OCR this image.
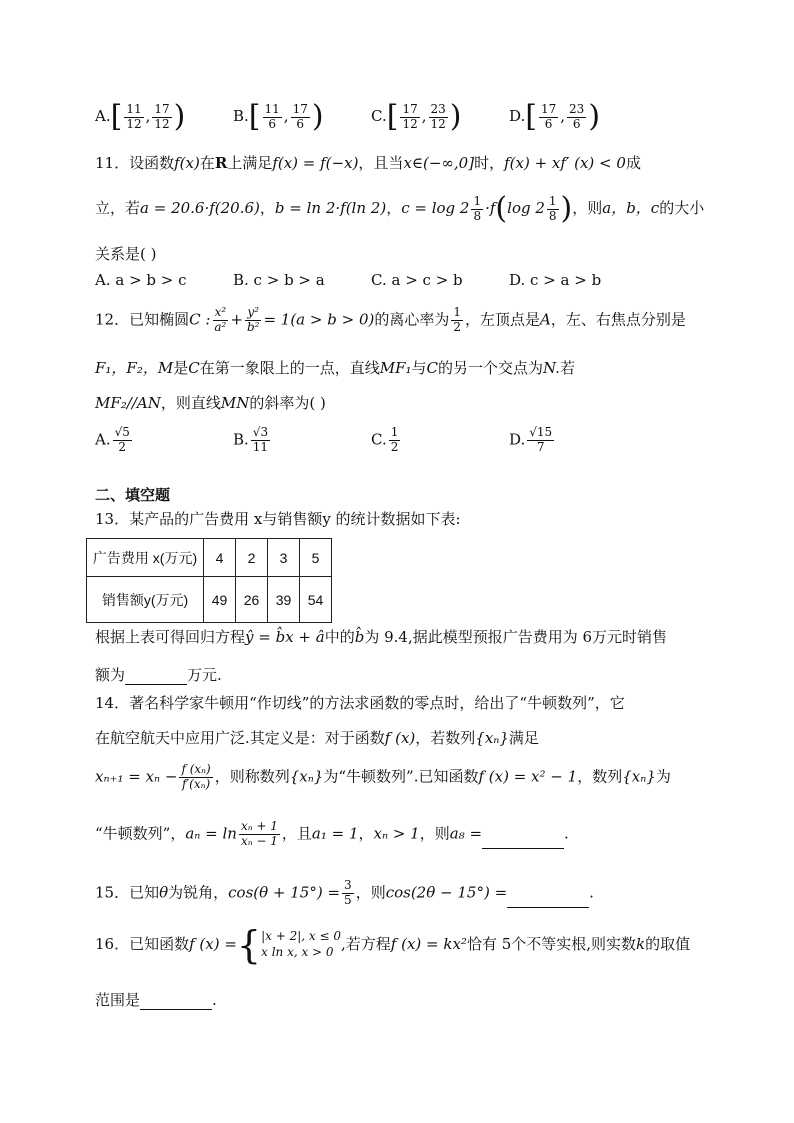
$A.[ \frac{11}{12}$ , $\frac{17}{12}$ )	$B.[ \frac{11}{6}$ , $\frac{17}{6}$ )	$C.[ \frac{17}{12}$ , $\frac{23}{12}$ )	$D.[ \frac{17}{6}$ , $\frac{23}{6}$ )
11．设函数f(x)在R上满足f(x) = f(−x)，且当x∈(−∞,0]时，f(x) + xf′ (x) < 0成
立，若a = 20.6·f(20.6)，b = ln 2·f(ln 2)，$c = \log 2 \frac{1}{8} \cdot f(\log$ $2 \frac{1}{8}$ )，则a，b，c的大小
关系是( )
A. a > b > c	B. c > b > a	C. a > c > b	D. c > a > b
12．已知椭圆C : $\frac{\text{x²}}{\text{a²}} + \frac{\text{y²}}{\text{b²}} = 1(a > b > 0)$的离心率为 $\frac{1}{2}$ ，左顶点是A，左、右焦点分别是
F₁，F₂，M是C在第一象限上的一点，直线MF₁与C的另一个交点为N.若
MF₂//AN，则直线MN的斜率为( )
A. $\frac{√5}{2}$	B. $\frac{√3}{11}$	C. $\frac{1}{2}$	D. $\frac{√15}{7}$
二、填空题
13．某产品的广告费用 x与销售额y 的统计数据如下表:
广告费用 x(万元)	4	2	3	5
销售额y(万元)	49	26	39	54
根据上表可得回归方程ŷ = b̂x + â中的b̂为 9.4,据此模型预报广告费用为 6万元时销售
额为	万元.
14．著名科学家牛顿用“作切线”的方法求函数的零点时，给出了“牛顿数列”，它
在航空航天中应用广泛.其定义是：对于函数f (x)，若数列{xₙ}满足
$x_{n+1} = x_n - \frac{\text{f (xₙ)}}{\text{f′(xₙ)}}$ ，则称数列{xₙ}为“牛顿数列”.已知函数f (x) = x² − 1，数列{xₙ}为
“牛顿数列”，$a_n = \ln \frac{\text{xₙ + 1}}{\text{xₙ − 1}}$ ，且a₁ = 1，xₙ > 1，则a₈ =	.
15．已知θ为锐角，$\cos(\theta + 15^\circ) = \frac{3}{5}$ ，则cos(2θ − 15°) =	.
16．已知函数f (x) ={ |x + 2|, x ≤ 0
x ln x, x > 0 ,若方程f (x) = kx²恰有 5个不等实根,则实数k的取值
范围是	.
